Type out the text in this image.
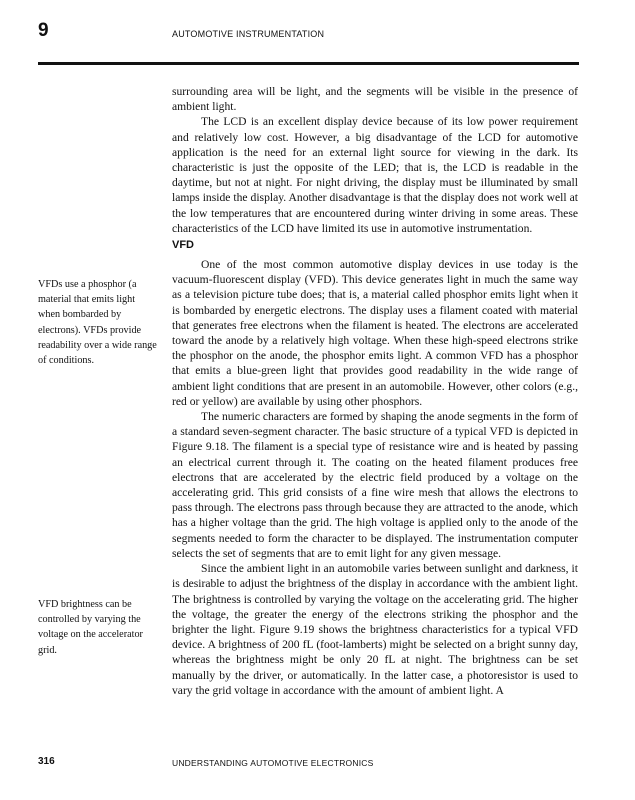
9	AUTOMOTIVE INSTRUMENTATION

surrounding area will be light, and the segments will be visible in the presence of ambient light.

The LCD is an excellent display device because of its low power requirement and relatively low cost. However, a big disadvantage of the LCD for automotive application is the need for an external light source for viewing in the dark. Its characteristic is just the opposite of the LED; that is, the LCD is readable in the daytime, but not at night. For night driving, the display must be illuminated by small lamps inside the display. Another disadvantage is that the display does not work well at the low temperatures that are encountered during winter driving in some areas. These characteristics of the LCD have limited its use in automotive instrumentation.

VFD

One of the most common automotive display devices in use today is the vacuum-fluorescent display (VFD). This device generates light in much the same way as a television picture tube does; that is, a material called phosphor emits light when it is bombarded by energetic electrons. The display uses a filament coated with material that generates free electrons when the filament is heated. The electrons are accelerated toward the anode by a relatively high voltage. When these high-speed electrons strike the phosphor on the anode, the phosphor emits light. A common VFD has a phosphor that emits a blue-green light that provides good readability in the wide range of ambient light conditions that are present in an automobile. However, other colors (e.g., red or yellow) are available by using other phosphors.

The numeric characters are formed by shaping the anode segments in the form of a standard seven-segment character. The basic structure of a typical VFD is depicted in Figure 9.18. The filament is a special type of resistance wire and is heated by passing an electrical current through it. The coating on the heated filament produces free electrons that are accelerated by the electric field produced by a voltage on the accelerating grid. This grid consists of a fine wire mesh that allows the electrons to pass through. The electrons pass through because they are attracted to the anode, which has a higher voltage than the grid. The high voltage is applied only to the anode of the segments needed to form the character to be displayed. The instrumentation computer selects the set of segments that are to emit light for any given message.

Since the ambient light in an automobile varies between sunlight and darkness, it is desirable to adjust the brightness of the display in accordance with the ambient light. The brightness is controlled by varying the voltage on the accelerating grid. The higher the voltage, the greater the energy of the electrons striking the phosphor and the brighter the light. Figure 9.19 shows the brightness characteristics for a typical VFD device. A brightness of 200 fL (foot-lamberts) might be selected on a bright sunny day, whereas the brightness might be only 20 fL at night. The brightness can be set manually by the driver, or automatically. In the latter case, a photoresistor is used to vary the grid voltage in accordance with the amount of ambient light. A

VFDs use a phosphor (a material that emits light when bombarded by electrons). VFDs provide readability over a wide range of conditions.
VFD brightness can be controlled by varying the voltage on the accelerator grid.
316	UNDERSTANDING AUTOMOTIVE ELECTRONICS
